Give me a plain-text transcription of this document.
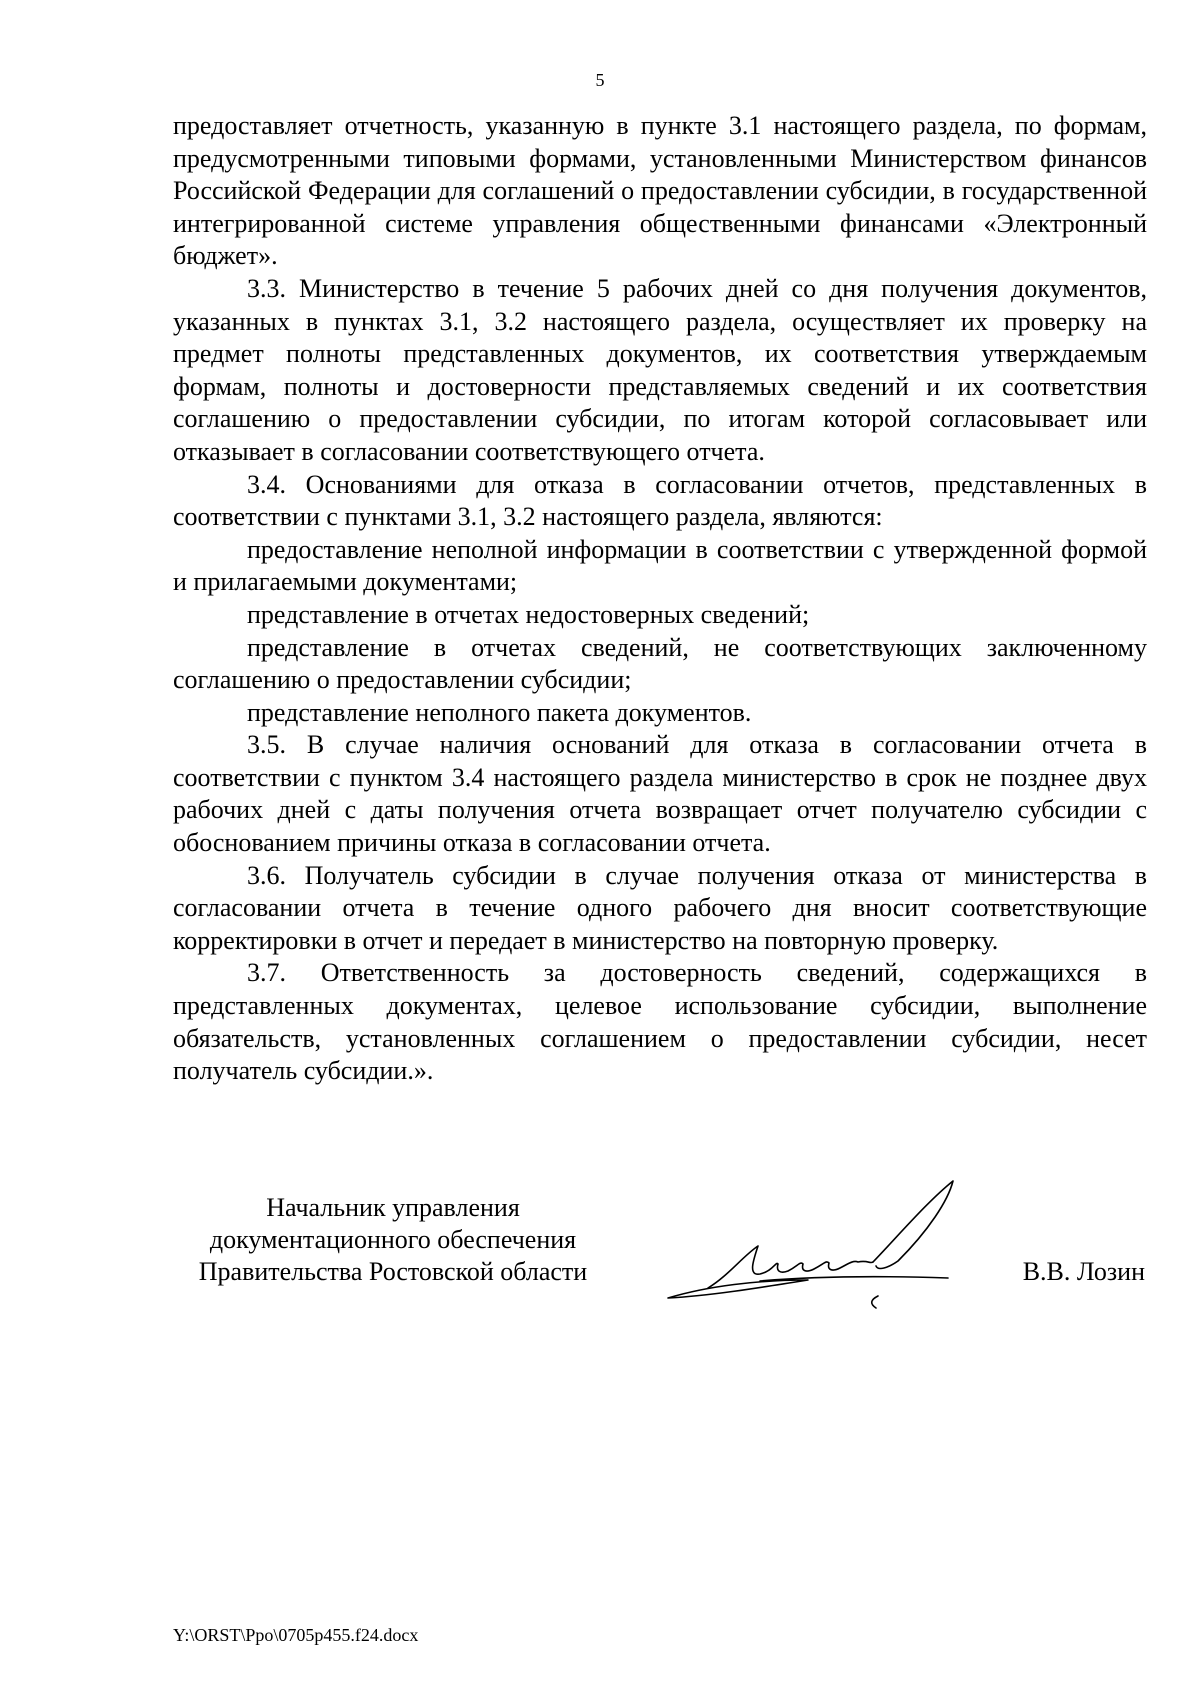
5

предоставляет отчетность, указанную в пункте 3.1 настоящего раздела, по формам, предусмотренными типовыми формами, установленными Министерством финансов Российской Федерации для соглашений о предоставлении субсидии, в государственной интегрированной системе управления общественными финансами «Электронный бюджет».

3.3. Министерство в течение 5 рабочих дней со дня получения документов, указанных в пунктах 3.1, 3.2 настоящего раздела, осуществляет их проверку на предмет полноты представленных документов, их соответствия утверждаемым формам, полноты и достоверности представляемых сведений и их соответствия соглашению о предоставлении субсидии, по итогам которой согласовывает или отказывает в согласовании соответствующего отчета.

3.4. Основаниями для отказа в согласовании отчетов, представленных в соответствии с пунктами 3.1, 3.2 настоящего раздела, являются:

предоставление неполной информации в соответствии с утвержденной формой и прилагаемыми документами;

представление в отчетах недостоверных сведений;

представление в отчетах сведений, не соответствующих заключенному соглашению о предоставлении субсидии;

представление неполного пакета документов.

3.5. В случае наличия оснований для отказа в согласовании отчета в соответствии с пунктом 3.4 настоящего раздела министерство в срок не позднее двух рабочих дней с даты получения отчета возвращает отчет получателю субсидии с обоснованием причины отказа в согласовании отчета.

3.6. Получатель субсидии в случае получения отказа от министерства в согласовании отчета в течение одного рабочего дня вносит соответствующие корректировки в отчет и передает в министерство на повторную проверку.

3.7. Ответственность за достоверность сведений, содержащихся в представленных документах, целевое использование субсидии, выполнение обязательств, установленных соглашением о предоставлении субсидии, несет получатель субсидии.».

Начальник управления
документационного обеспечения
Правительства Ростовской области	В.В. Лозин
Y:\ORST\Ppo\0705p455.f24.docx
